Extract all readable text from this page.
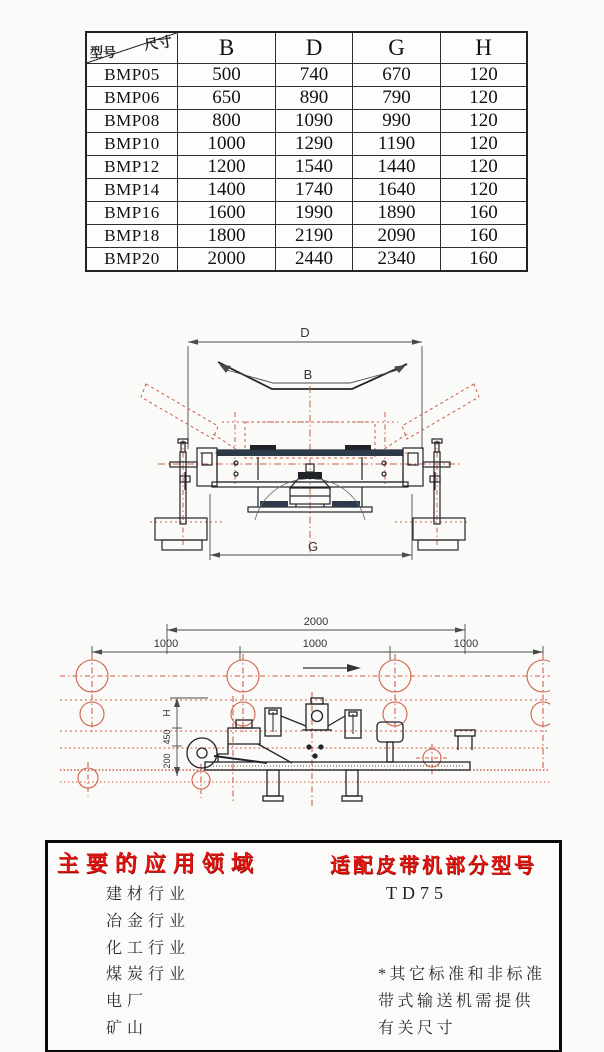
尺寸
型号	B	D	G	H
BMP05	500	740	670	120
BMP06	650	890	790	120
BMP08	800	1090	990	120
BMP10	1000	1290	1190	120
BMP12	1200	1540	1440	120
BMP14	1400	1740	1640	120
BMP16	1600	1990	1890	160
BMP18	1800	2190	2090	160
BMP20	2000	2440	2340	160
D
B
G
2000
1000	1000	1000
H
450
200
主要的应用领域	适配皮带机部分型号
建材行业
冶金行业
化工行业
煤炭行业
电厂
矿山
TD75
*其它标准和非标准
带式输送机需提供
有关尺寸
